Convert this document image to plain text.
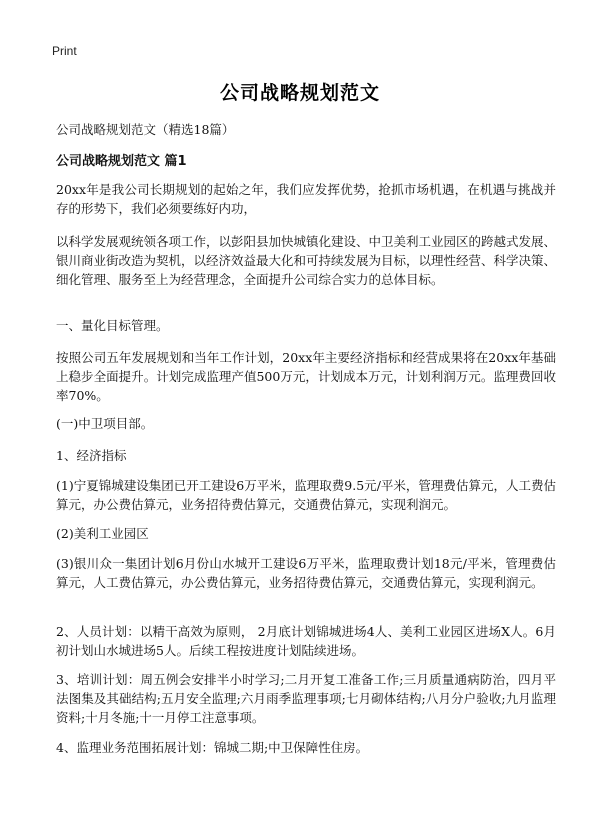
Print
公司战略规划范文
公司战略规划范文（精选18篇）
公司战略规划范文 篇1
20xx年是我公司长期规划的起始之年，我们应发挥优势，抢抓市场机遇，在机遇与挑战并存的形势下，我们必须要练好内功，
以科学发展观统领各项工作，以彭阳县加快城镇化建设、中卫美利工业园区的跨越式发展、银川商业街改造为契机，以经济效益最大化和可持续发展为目标，以理性经营、科学决策、细化管理、服务至上为经营理念，全面提升公司综合实力的总体目标。
一、量化目标管理。
按照公司五年发展规划和当年工作计划，20xx年主要经济指标和经营成果将在20xx年基础上稳步全面提升。计划完成监理产值500万元，计划成本万元，计划利润万元。监理费回收率70%。
(一)中卫项目部。
1、经济指标
(1)宁夏锦城建设集团已开工建设6万平米，监理取费9.5元/平米，管理费估算元，人工费估算元，办公费估算元，业务招待费估算元，交通费估算元，实现利润元。
(2)美利工业园区
(3)银川众一集团计划6月份山水城开工建设6万平米，监理取费计划18元/平米，管理费估算元，人工费估算元，办公费估算元，业务招待费估算元，交通费估算元，实现利润元。
2、人员计划：以精干高效为原则， 2月底计划锦城进场4人、美利工业园区进场X人。6月初计划山水城进场5人。后续工程按进度计划陆续进场。
3、培训计划：周五例会安排半小时学习;二月开复工准备工作;三月质量通病防治，四月平法图集及其础结构;五月安全监理;六月雨季监理事项;七月砌体结构;八月分户验收;九月监理资料;十月冬施;十一月停工注意事项。
4、监理业务范围拓展计划：锦城二期;中卫保障性住房。
